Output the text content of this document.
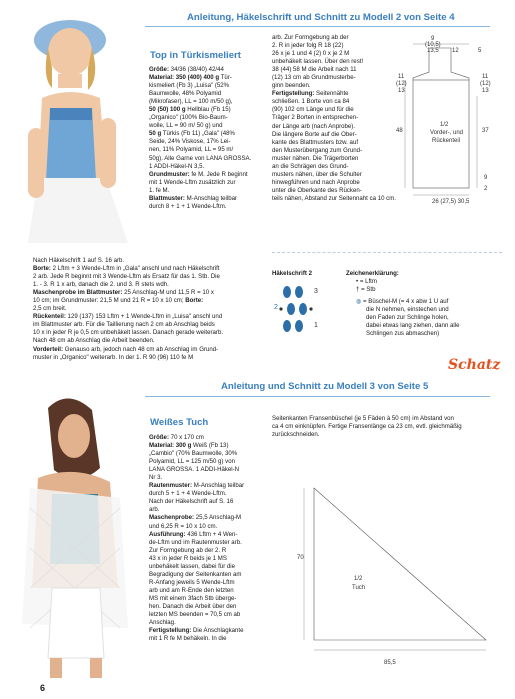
Anleitung, Häkelschrift und Schnitt zu Modell 2 von Seite 4
Top in Türkismeliert

Größe: 34/36 (38/40) 42/44

Material: 350 (400) 400 g Tür-

kismeliert (Fb 3) „Luisa" (52%

Baumwolle, 48% Polyamid

(Mikrofaser), LL = 100 m/50 g),

50 (50) 100 g Hellblau (Fb 15)

„Organico" (100% Bio-Baum-

wolle, LL = 90 m/ 50 g) und

50 g Türkis (Fb 11) „Gala" (48%

Seide, 24% Viskose, 17% Lei-

nen, 11% Polyamid, LL = 95 m/

50g). Alle Garne von LANA GROSSA.

1 ADDI-Häkel-N 3,5.

Grundmuster: fe M. Jede R beginnt

mit 1 Wende-Lftm zusätzlich zur

1. fe M.

Blattmuster: M-Anschlag teilbar

durch 8 + 1 + 1 Wende-Lftm.

Nach Häkelschrift 1 auf S. 16 arb.

Borte: 2 Lftm + 3 Wende-Lftm in „Gala" anschl und nach Häkelschrift

2 arb. Jede R beginnt mit 3 Wende-Lftm als Ersatz für das 1. Stb. Die

1. - 3. R 1 x arb, danach die 2. und 3. R stets wdh.

Maschenprobe im Blattmuster: 25 Anschlag-M und 11,5 R = 10 x

10 cm; im Grundmuster: 21,5 M und 21 R = 10 x 10 cm; Borte:

2,5 cm breit.

Rückenteil: 129 (137) 153 Lftm + 1 Wende-Lftm in „Luisa" anschl und

im Blattmuster arb. Für die Taillierung nach 2 cm ab Anschlag beids

10 x in jeder R je 0,5 cm unbehäkelt lassen. Danach gerade weiterarb.

Nach 48 cm ab Anschlag die Arbeit beenden.

Vorderteil: Genauso arb, jedoch nach 48 cm ab Anschlag im Grund-

muster in „Organico" weiterarb. In der 1. R 90 (96) 110 fe M

arb. Zur Formgebung ab der

2. R in jeder folg R 18 (22)

26 x je 1 und 4 (2) 0 x je 2 M

unbehäkelt lassen. Über den rest!

38 (44) 58 M die Arbeit nach 11

(12) 13 cm ab Grundmusterbe-

ginn beenden.

Fertigstellung: Seitennähte

schließen. 1 Borte von ca 84

(90) 102 cm Länge und für die

Träger 2 Borten in entsprechen-

der Länge arb (nach Anprobe).

Die längere Borte auf die Ober-

kante des Blattmusters bzw. auf

den Musterübergang zum Grund-

muster nähen. Die Trägerborten

an die Schrägen des Grund-

musters nähen, über die Schulter

hinwegführen und nach Anprobe

unter die Oberkante des Rücken-

teils nähen, Abstand zur Seitennaht ca 10 cm.

9
(10,5)
13,5 12	5
11
(12)
13
11
(12)
13
1/2
Vorder-, und
Rückenteil
48	37
9
2
26 (27,5) 30,5
Häkelschrift 2
3
2
1
Zeichenerklärung:

• = Lftm

† = Stb

◍ = Büschel-M (= 4 x abw 1 U auf

die N nehmen, einstechen und

den Faden zur Schlinge holen,

dabei etwas lang ziehen, dann alle

Schlingen zus abmaschen)

Schatz
Anleitung und Schnitt zu Modell 3 von Seite 5
Weißes Tuch

Größe: 70 x 170 cm

Material: 300 g Weiß (Fb 13)

„Cambio" (70% Baumwolle, 30%

Polyamid, LL = 125 m/50 g) von

LANA GROSSA. 1 ADDI-Häkel-N

Nr 3.

Rautenmuster: M-Anschlag teilbar

durch 5 + 1 + 4 Wende-Lftm.

Nach der Häkelschrift auf S. 16

arb.

Maschenprobe: 25,5 Anschlag-M

und 6,25 R = 10 x 10 cm.

Ausführung: 436 Lftm + 4 Wen-

de-Lftm und im Rautenmuster arb.

Zur Formgebung ab der 2. R

43 x in jeder R beids je 1 MS

unbehäkelt lassen, dabei für die

Begradigung der Seitenkanten am

R-Anfang jeweils 5 Wende-Lftm

arb und am R-Ende den letzten

MS mit einem 3fach Stb überge-

hen. Danach die Arbeit über den

letzten MS beenden = 70,5 cm ab

Anschlag.

Fertigstellung: Die Anschlagkante

mit 1 R fe M behäkeln. In die

Seitenkanten Fransenbüschel (je 5 Fäden à 50 cm) im Abstand von

ca 4 cm einknüpfen. Fertige Fransenlänge ca 23 cm, evtl. gleichmäßig

zurückschneiden.

70
1/2
Tuch
85,5
6
